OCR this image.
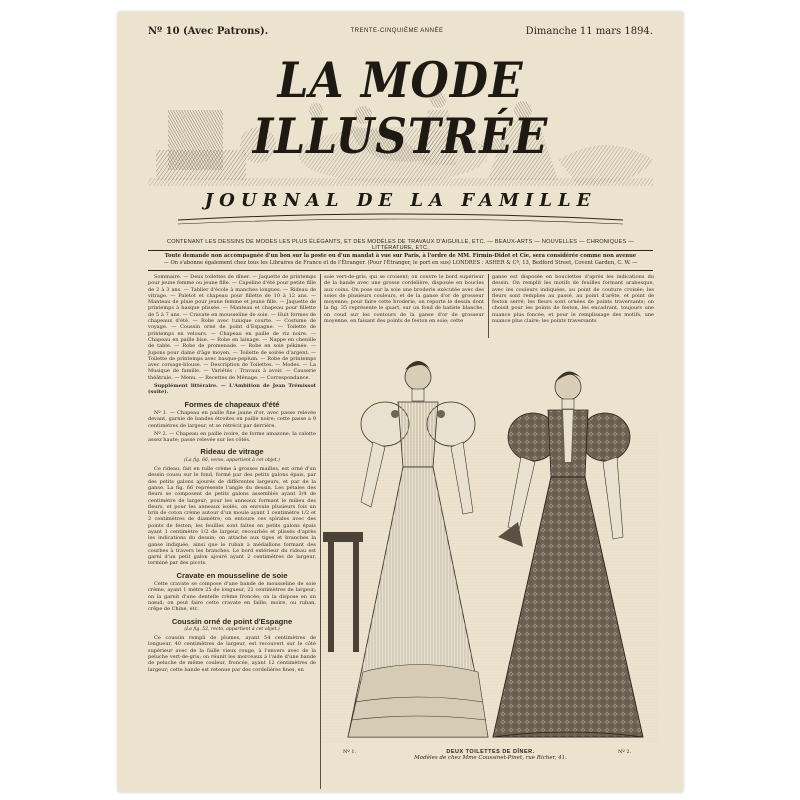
Nº 10 (Avec Patrons).	TRENTE-CINQUIÈME ANNÉE	Dimanche 11 mars 1894.
LA MODE ILLUSTRÉE
JOURNAL DE LA FAMILLE
CONTENANT LES DESSINS DE MODES LES PLUS ÉLÉGANTS, ET DES MODÈLES DE TRAVAUX D'AIGUILLE, ETC. — BEAUX-ARTS — NOUVELLES — CHRONIQUES — LITTÉRATURE, ETC.
Toute demande non accompagnée d'un bon sur la poste ou d'un mandat à vue sur Paris, à l'ordre de MM. Firmin-Didot et Cie, sera considérée comme non avenue
— On s'abonne également chez tous les Libraires de France et de l'Étranger. (Pour l'Étranger, le port en sus) LONDRES : ASHER & Cº, 13, Bedford Street, Covent Garden, C. W. —

Sommaire. — Deux toilettes de dîner. — Jaquette de printemps pour jeune femme ou jeune fille. — Capeline d'été pour petite fille de 2 à 3 ans. — Tablier d'école à manches longues. — Rideau de vitrage. — Paletot et chapeau pour fillette de 10 à 12 ans. — Manteau de pluie pour jeune femme et jeune fille. — Jaquette de printemps à basque plissée. — Manteau et chapeau pour fillette de 5 à 7 ans. — Cravate en mousseline de soie. — Huit formes de chapeaux d'été. — Robe avec tunique courte. — Costume de voyage. — Coussin orné de point d'Espagne. — Toilette de printemps en velours. — Chapeau en paille de riz noire. — Chapeau en paille bise. — Robe en lainage. — Nappe en chenille de table. — Robe de promenade. — Robe en soie pékinée. — Jupons pour dame d'âge moyen. — Toilette de soirée d'argent. — Toilette de printemps avec basque-peplum. — Robe de printemps avec corsage-blouse. — Description de Toilettes. — Modes. — La Musique de famille. — Variétés : Travaux à avoir. — Causerie théâtrale. — Menu. — Recettes de Ménage. — Correspondance.

Supplément littéraire. — L'Ambition de Jean Trémissot (suite).

Formes de chapeaux d'été

Nº 1. — Chapeau en paille fine jaune d'or, avec passe relevée devant, garnie de bandes étroites en paille noire; cette passe a 9 centimètres de largeur, et se rétrécit par derrière.

Nº 2. — Chapeau en paille ivoire, de forme amazone; la calotte assez haute; passe relevée sur les côtés.

Rideau de vitrage
(La fig. 66, verso, appartient à cet objet.)

Ce rideau, fait en tulle crème à grosses mailles, est orné d'un dessin cousu sur le fond, formé par des petits galons épais, par des petits galons ajourés de différentes largeurs, et par de la ganse. La fig. 66 représente l'angle du dessin. Les pétales des fleurs se composent de petits galons assemblés ayant 3/4 de centimètre de largeur; pour les anneaux formant le milieu des fleurs, et pour les anneaux isolés, on enroule plusieurs fois un brin de coton crème autour d'un moule ayant 1 centimètre 1/2 et 2 centimètres de diamètre; on entoure ces spirales avec des points de feston; les feuilles sont faites en petits galons épais ayant 1 centimètre 1/2 de largeur, recourbés et plissés d'après les indications du dessin; on attache aux tiges et branches la ganse indiquée, ainsi que le ruban à médaillons formant des courbes à travers les branches. Le bord extérieur du rideau est garni d'un petit galon ajouré ayant 2 centimètres de largeur, terminé par des picots.

Cravate en mousseline de soie

Cette cravate se compose d'une bande de mousseline de soie crème, ayant 1 mètre 25 de longueur, 22 centimètres de largeur; on la garnit d'une dentelle crème froncée; on la dispose en un nœud; on peut faire cette cravate en faille, moire, ou ruban, crêpe de Chine, etc.

Coussin orné de point d'Espagne
(La fig. 52, recto, appartient à cet objet.)

Ce coussin rempli de plumes, ayant 54 centimètres de longueur, 40 centimètres de largeur, est recouvert sur le côté supérieur avec de la faille vieux rouge, à l'envers avec de la peluche vert-de-gris; on réunit les morceaux à l'aide d'une bande de peluche de même couleur, froncée, ayant 12 centimètres de largeur; cette bande est retenue par des cordelières fines, en

soie vert-de-gris, qui se croisent; on couvre le bord supérieur de la bande avec une grosse cordelière, disposée en boucles aux coins. On pose sur la soie une broderie exécutée avec des soies de plusieurs couleurs, et de la ganse d'or de grosseur moyenne; pour faire cette broderie, on reporte le dessin dont la fig. 35 représente le quart, sur un fond de batiste blanche, on coud sur les contours de la ganse d'or de grosseur moyenne, en faisant des points de feston en soie; cette

ganse est disposée en bouclettes d'après les indications du dessin. On remplit les motifs de feuilles formant arabesque, avec les couleurs indiquées, au point de couture croisée; les fleurs sont remplies au passé, au point d'arête, et point de feston serré; les fleurs sont ornées de points traversants; on choisit pour les points de feston, les encadrant, toujours une nuance plus foncée, et pour le remplissage des motifs, une nuance plus claire; les points traversants

Nº 1.	Nº 2.
DEUX TOILETTES DE DÎNER.
Modèles de chez Mme Coussinet-Pinet, rue Richer, 41.
